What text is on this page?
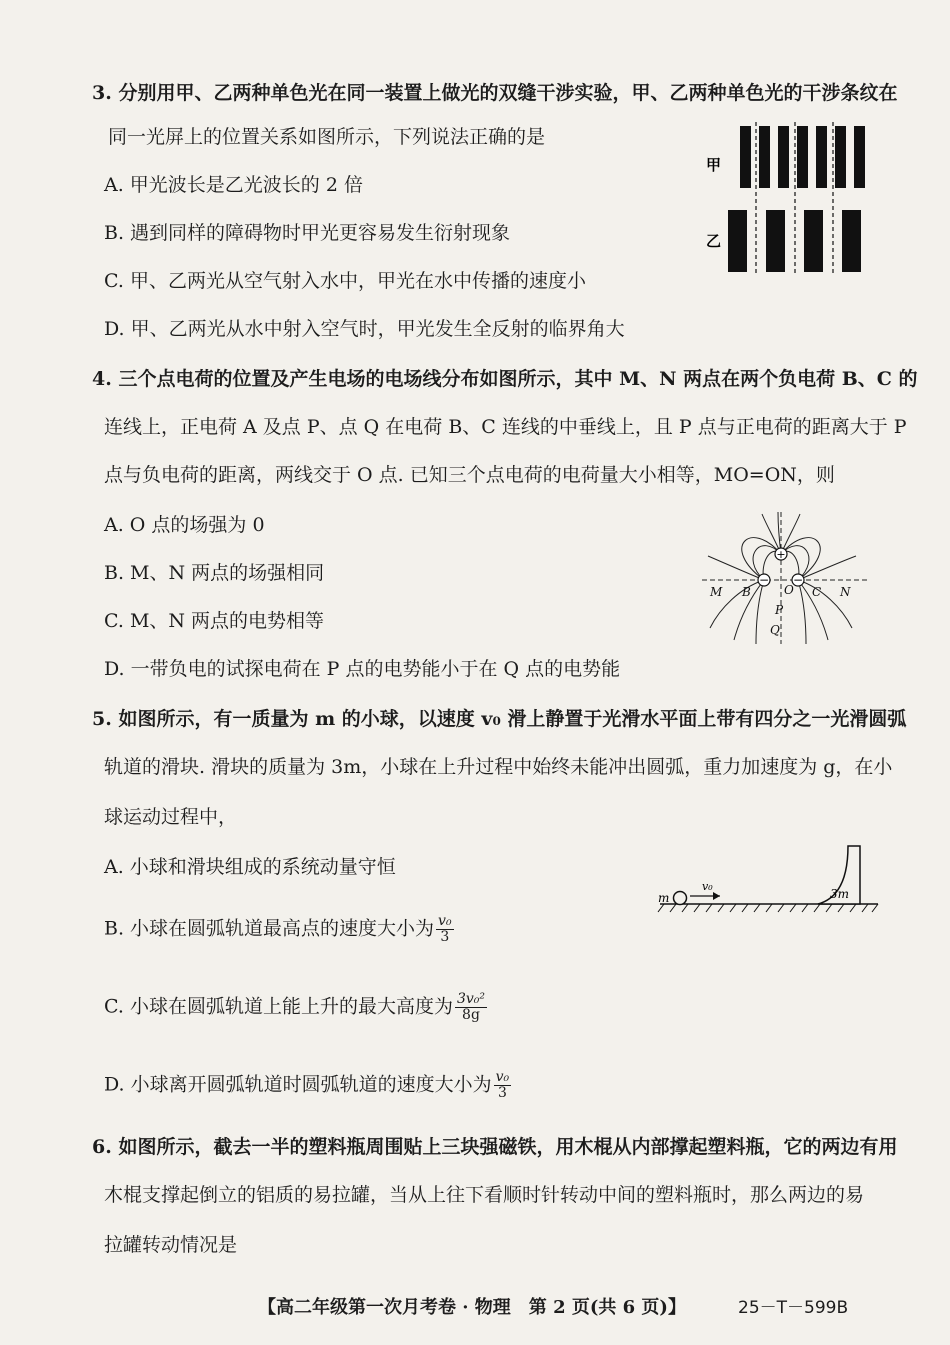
3. 分别用甲、乙两种单色光在同一装置上做光的双缝干涉实验，甲、乙两种单色光的干涉条纹在
同一光屏上的位置关系如图所示，下列说法正确的是
A. 甲光波长是乙光波长的 2 倍
B. 遇到同样的障碍物时甲光更容易发生衍射现象
C. 甲、乙两光从空气射入水中，甲光在水中传播的速度小
D. 甲、乙两光从水中射入空气时，甲光发生全反射的临界角大
甲
乙
4. 三个点电荷的位置及产生电场的电场线分布如图所示，其中 M、N 两点在两个负电荷 B、C 的
连线上，正电荷 A 及点 P、点 Q 在电荷 B、C 连线的中垂线上，且 P 点与正电荷的距离大于 P
点与负电荷的距离，两线交于 O 点. 已知三个点电荷的电荷量大小相等，MO=ON，则
A. O 点的场强为 0
B. M、N 两点的场强相同
C. M、N 两点的电势相等
D. 一带负电的试探电荷在 P 点的电势能小于在 Q 点的电势能
+
− −
M B	O C N
P
Q
5. 如图所示，有一质量为 m 的小球，以速度 v₀ 滑上静置于光滑水平面上带有四分之一光滑圆弧
轨道的滑块. 滑块的质量为 3m，小球在上升过程中始终未能冲出圆弧，重力加速度为 g，在小
球运动过程中，
A. 小球和滑块组成的系统动量守恒
B. 小球在圆弧轨道最高点的速度大小为 $\frac{\text{v₀}}{3}$
C. 小球在圆弧轨道上能上升的最大高度为 $\frac{\text{3v₀²}}{8g}$
D. 小球离开圆弧轨道时圆弧轨道的速度大小为 $\frac{\text{v₀}}{3}$
3m
m
v₀
6. 如图所示，截去一半的塑料瓶周围贴上三块强磁铁，用木棍从内部撑起塑料瓶，它的两边有用
木棍支撑起倒立的铝质的易拉罐，当从上往下看顺时针转动中间的塑料瓶时，那么两边的易
拉罐转动情况是
【高二年级第一次月考卷 · 物理　第 2 页(共 6 页)】	25－T－599B
